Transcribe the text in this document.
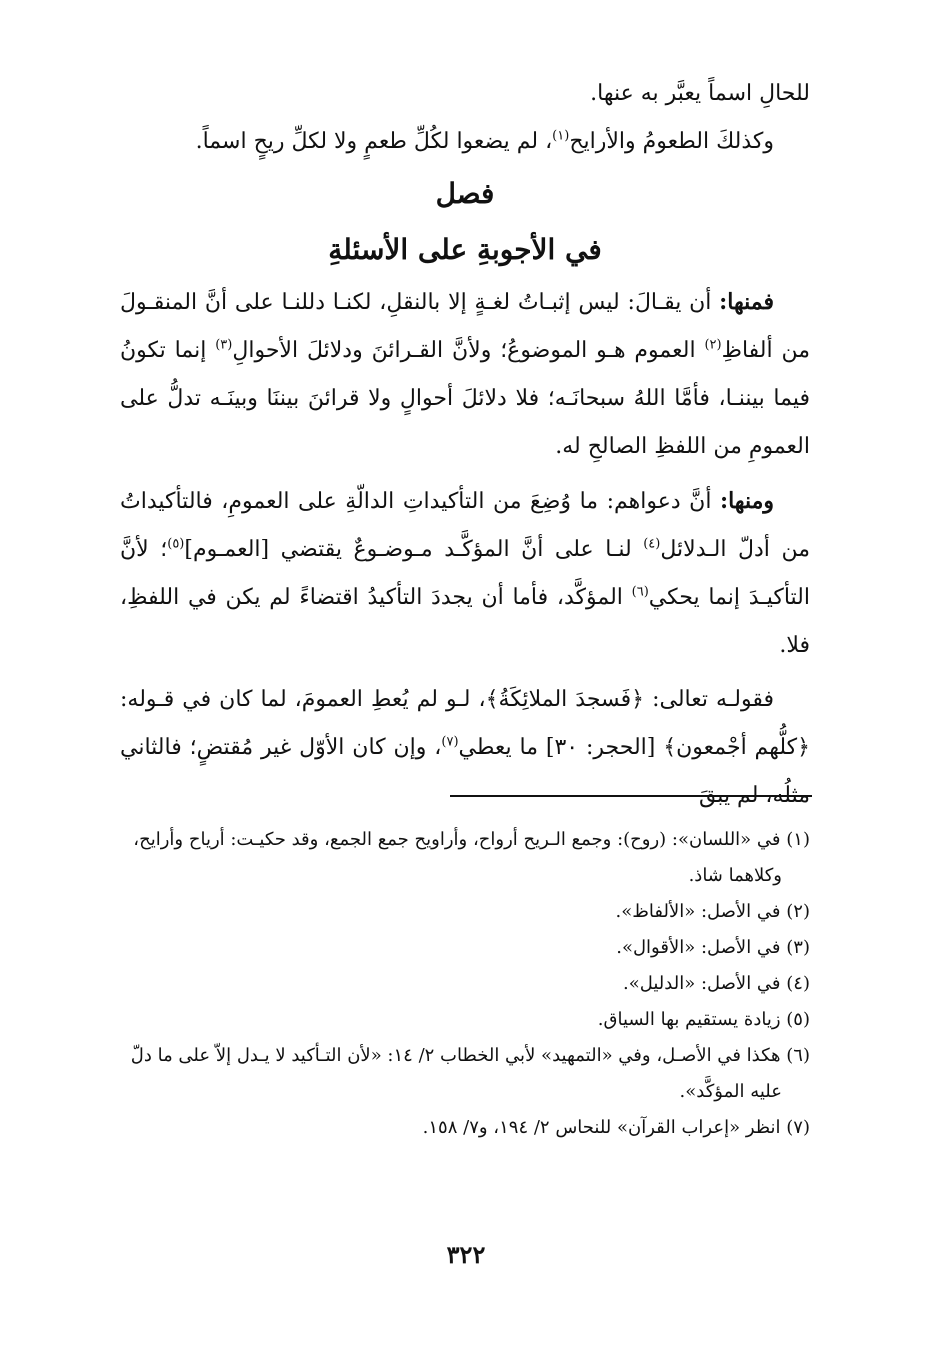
للحالِ اسماً يعبَّر به عنها.

وكذلكَ الطعومُ والأرايح$^{(١)}$، لم يضعوا لكُلِّ طعمٍ ولا لكلِّ ريحٍ اسماً.

فصل

في الأجوبةِ على الأسئلةِ

فمنها: أن يقـالَ: ليس إثبـاتُ لغـةٍ إلا بالنقلِ، لكنـا دللنـا على أنَّ المنقـولَ من ألفاظِ$^{(٢)}$ العموم هـو الموضوعُ؛ ولأنَّ القـرائنَ ودلائلَ الأحوالِ$^{(٣)}$ إنما تكونُ فيما بيننـا، فأمَّا اللهُ سبحانَـه؛ فلا دلائلَ أحوالٍ ولا قرائنَ بيننَا وبينَـه تدلُّ على العمومِ من اللفظِ الصالحِ له.

ومنها: أنَّ دعواهم: ما وُضِعَ من التأكيداتِ الدالّةِ على العمومِ، فالتأكيداتُ من أدلّ الـدلائل$^{(٤)}$ لنـا على أنَّ المؤكَّـد مـوضـوعٌ يقتضي [العمـوم]$^{(٥)}$؛ لأنَّ التأكيـدَ إنما يحكي$^{(٦)}$ المؤكَّد، فأما أن يجددَ التأكيدُ اقتضاءً لم يكن في اللفظِ، فلا.

فقولـه تعالى: ﴿فَسجدَ الملائِكَةُ﴾، لـو لم يُعطِ العمومَ، لما كان في قـوله: ﴿كلُّهم أجْمعون﴾ [الحجر: ٣٠] ما يعطي$^{(٧)}$، وإن كان الأوّل غير مُقتضٍ؛ فالثاني مثلُه، لم يبقَ

(١) في «اللسان»: (روح): وجمع الـريح أرواح، وأراويح جمع الجمع، وقد حكيـت: أرياح وأرايح،

وكلاهما شاذ.

(٢) في الأصل: «الألفاظ».

(٣) في الأصل: «الأقوال».

(٤) في الأصل: «الدليل».

(٥) زيادة يستقيم بها السياق.

(٦) هكذا في الأصـل، وفي «التمهيد» لأبي الخطاب ٢/ ١٤: «لأن التـأكيد لا يـدل إلاّ على ما دلّ

عليه المؤكَّد».

(٧) انظر «إعراب القرآن» للنحاس ٢/ ١٩٤، و٧/ ١٥٨.

٣٢٢
